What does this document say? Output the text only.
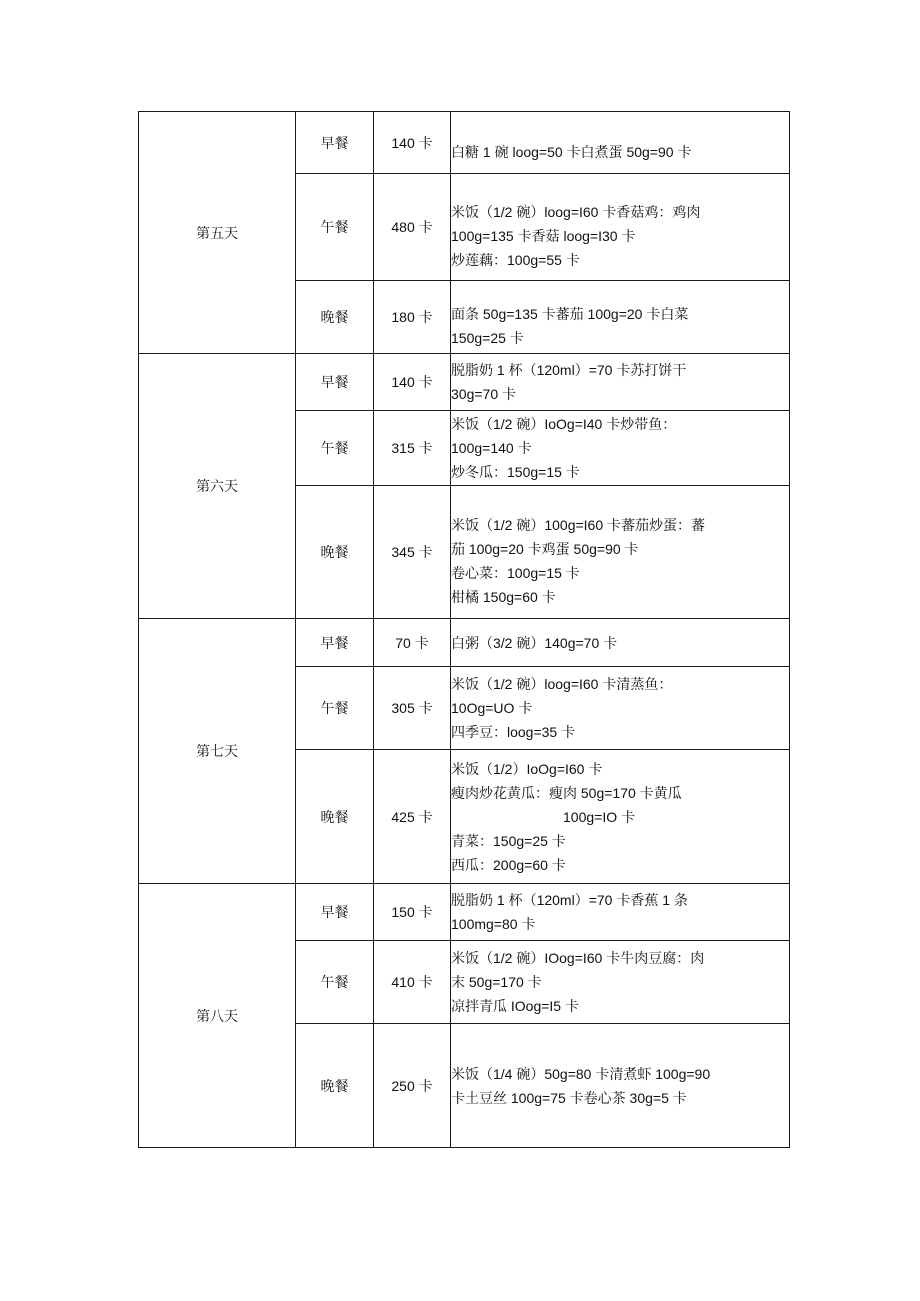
第五天	早餐	140 卡	白糖 1 碗 loog=50 卡白煮蛋 50g=90 卡

	午餐	480 卡	米饭（1/2 碗）loog=I60 卡香菇鸡：鸡肉
100g=135 卡香菇 loog=I30 卡
炒莲藕：100g=55 卡

	晚餐	180 卡	面条 50g=135 卡蕃茄 100g=20 卡白菜
150g=25 卡

第六天	早餐	140 卡	脱脂奶 1 杯（120ml）=70 卡苏打饼干
30g=70 卡

	午餐	315 卡	米饭（1/2 碗）IoOg=I40 卡炒带鱼：
100g=140 卡
炒冬瓜：150g=15 卡

	晚餐	345 卡	米饭（1/2 碗）100g=I60 卡蕃茄炒蛋：蕃
茄 100g=20 卡鸡蛋 50g=90 卡
卷心菜：100g=15 卡
柑橘 150g=60 卡

第七天	早餐	70 卡	白粥（3/2 碗）140g=70 卡

	午餐	305 卡	米饭（1/2 碗）loog=I60 卡清蒸鱼：
10Og=UO 卡
四季豆：loog=35 卡

	晚餐	425 卡	米饭（1/2）IoOg=I60 卡
瘦肉炒花黄瓜：瘦肉 50g=170 卡黄瓜
100g=IO 卡
青菜：150g=25 卡
西瓜：200g=60 卡

第八天	早餐	150 卡	脱脂奶 1 杯（120ml）=70 卡香蕉 1 条
100mg=80 卡

	午餐	410 卡	米饭（1/2 碗）IOog=I60 卡牛肉豆腐：肉
末 50g=170 卡
凉拌青瓜 IOog=I5 卡

	晚餐	250 卡	米饭（1/4 碗）50g=80 卡清煮虾 100g=90
卡土豆丝 100g=75 卡卷心茶 30g=5 卡
